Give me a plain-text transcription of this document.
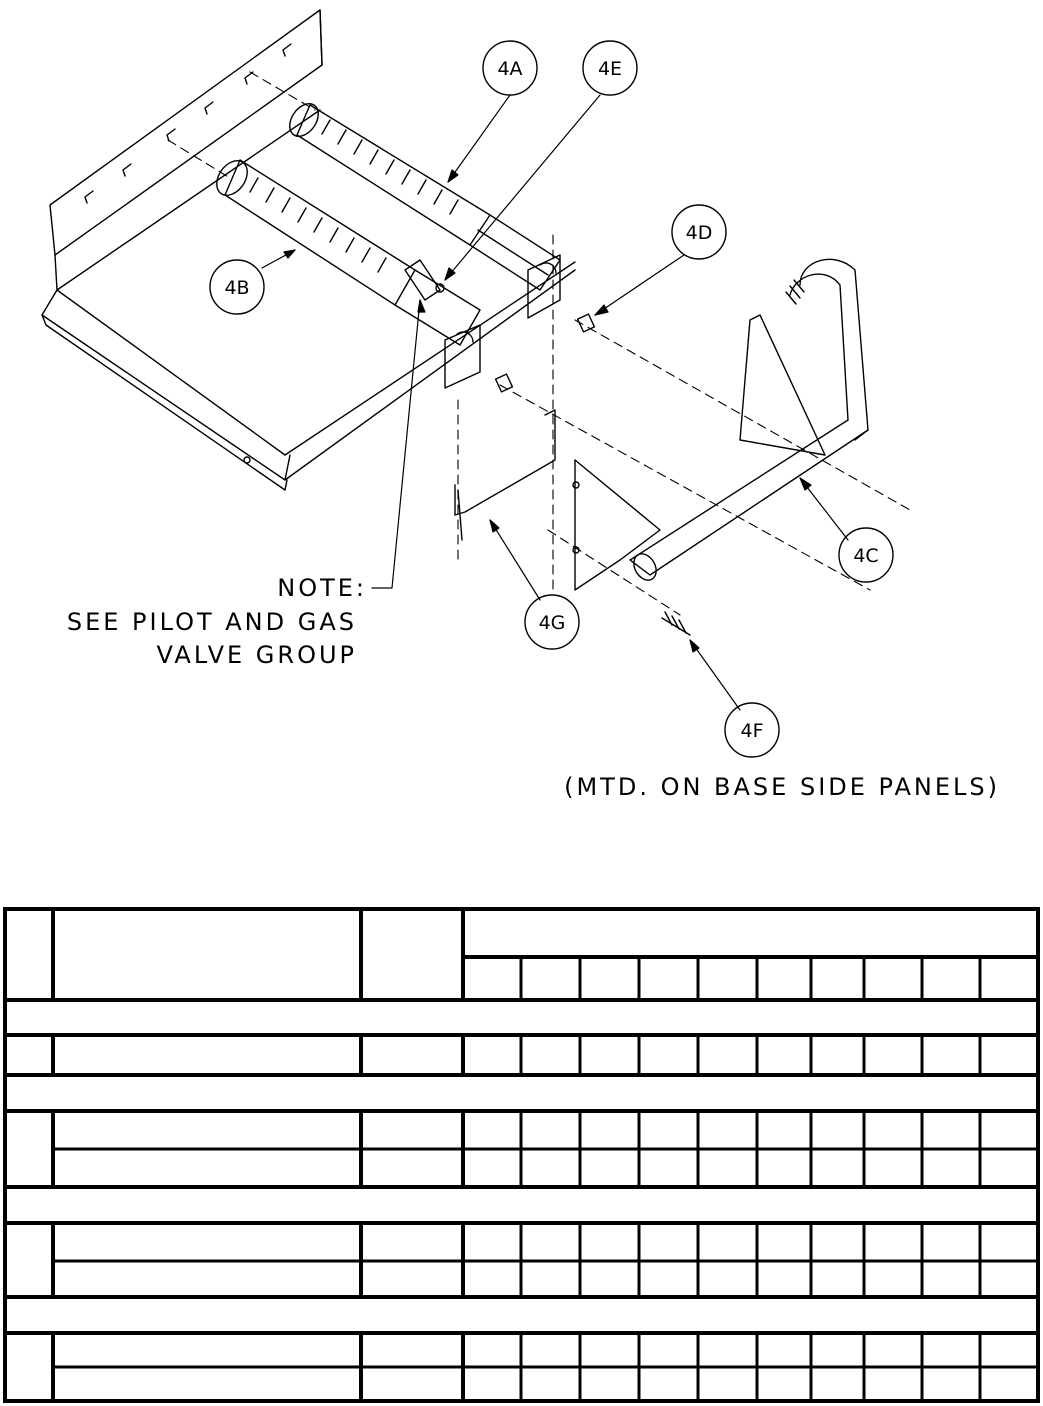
4A	4E
4D
4B
4C
4G
4F
NOTE:
SEE PILOT AND GAS
VALVE GROUP
(MTD. ON BASE SIDE PANELS)
